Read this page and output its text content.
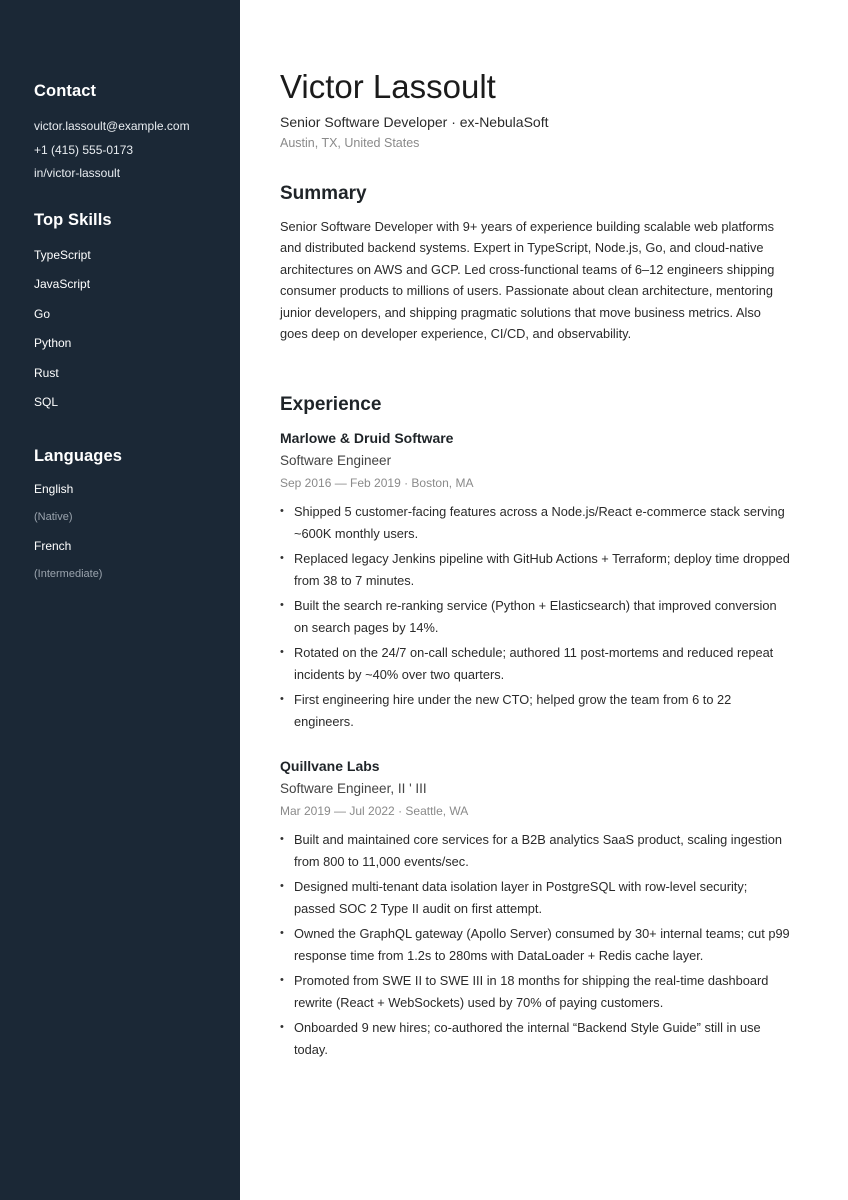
Contact
victor.lassoult@example.com
+1 (415) 555-0173
in/victor-lassoult
Top Skills
TypeScript
JavaScript
Go
Python
Rust
SQL
Languages
English
(Native)
French
(Intermediate)
Victor Lassoult
Senior Software Developer · ex-NebulaSoft
Austin, TX, United States
Summary

Senior Software Developer with 9+ years of experience building scalable web platforms and distributed backend systems. Expert in TypeScript, Node.js, Go, and cloud-native architectures on AWS and GCP. Led cross-functional teams of 6–12 engineers shipping consumer products to millions of users. Passionate about clean architecture, mentoring junior developers, and shipping pragmatic solutions that move business metrics. Also goes deep on developer experience, CI/CD, and observability.

Experience
Marlowe & Druid Software
Software Engineer
Sep 2016 — Feb 2019 · Boston, MA
• Shipped 5 customer-facing features across a Node.js/React e-commerce stack serving ~600K monthly users.
• Replaced legacy Jenkins pipeline with GitHub Actions + Terraform; deploy time dropped from 38 to 7 minutes.
• Built the search re-ranking service (Python + Elasticsearch) that improved conversion on search pages by 14%.
• Rotated on the 24/7 on-call schedule; authored 11 post-mortems and reduced repeat incidents by ~40% over two quarters.
• First engineering hire under the new CTO; helped grow the team from 6 to 22 engineers.
Quillvane Labs
Software Engineer, II ' III
Mar 2019 — Jul 2022 · Seattle, WA
• Built and maintained core services for a B2B analytics SaaS product, scaling ingestion from 800 to 11,000 events/sec.
• Designed multi-tenant data isolation layer in PostgreSQL with row-level security; passed SOC 2 Type II audit on first attempt.
• Owned the GraphQL gateway (Apollo Server) consumed by 30+ internal teams; cut p99 response time from 1.2s to 280ms with DataLoader + Redis cache layer.
• Promoted from SWE II to SWE III in 18 months for shipping the real-time dashboard rewrite (React + WebSockets) used by 70% of paying customers.
• Onboarded 9 new hires; co-authored the internal “Backend Style Guide” still in use today.
